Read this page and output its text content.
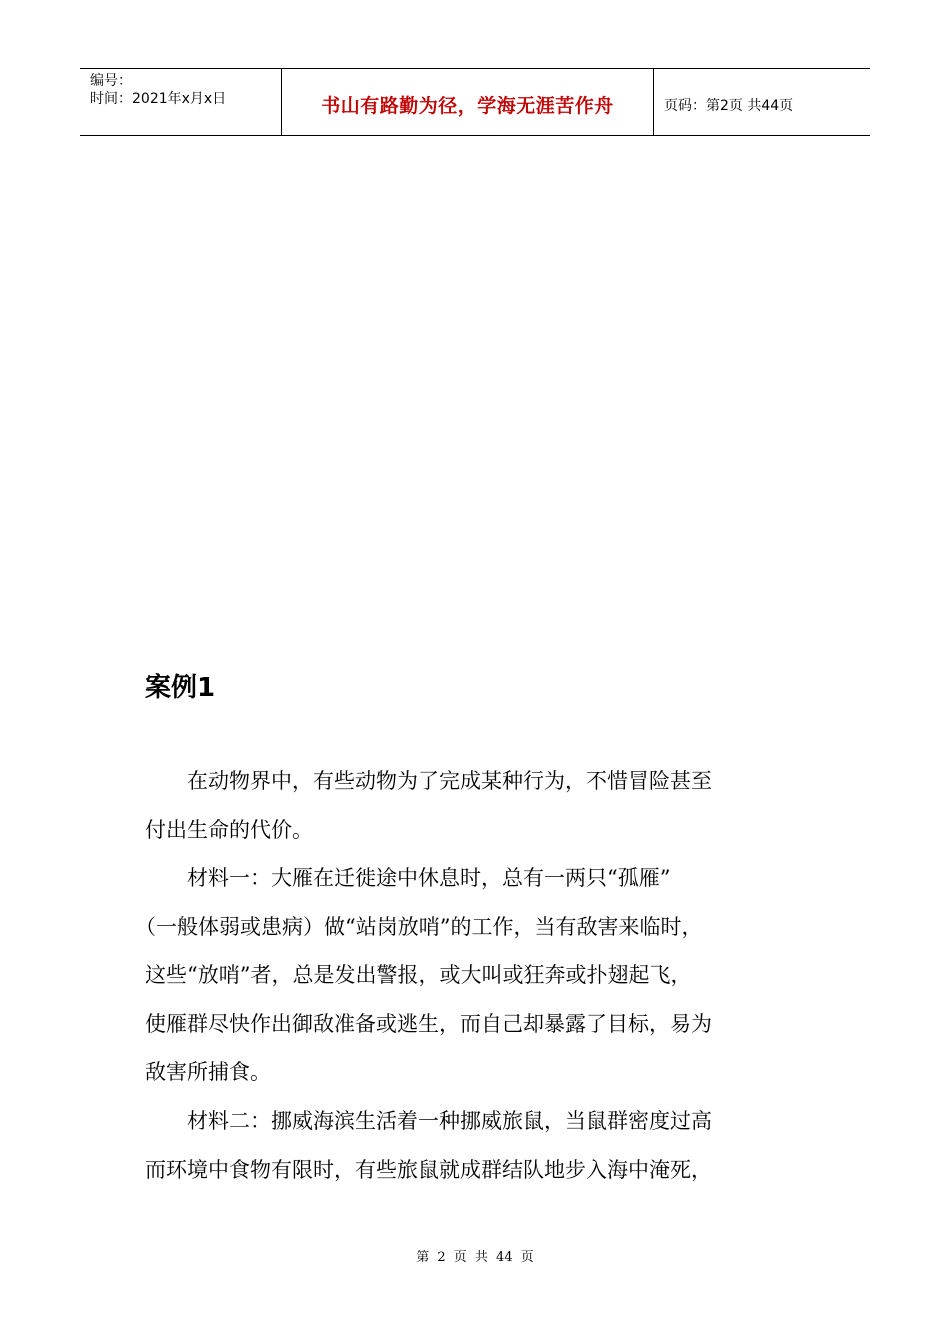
编号：
时间：2021年x月x日	书山有路勤为径，学海无涯苦作舟	页码：第2页 共44页
案例1

　　在动物界中，有些动物为了完成某种行为，不惜冒险甚至

付出生命的代价。

　　材料一：大雁在迁徙途中休息时，总有一两只“孤雁”

（一般体弱或患病）做“站岗放哨”的工作，当有敌害来临时，

这些“放哨”者，总是发出警报，或大叫或狂奔或扑翅起飞，

使雁群尽快作出御敌准备或逃生，而自己却暴露了目标，易为

敌害所捕食。

　　材料二：挪威海滨生活着一种挪威旅鼠，当鼠群密度过高

而环境中食物有限时，有些旅鼠就成群结队地步入海中淹死，

第 2 页 共 44 页
